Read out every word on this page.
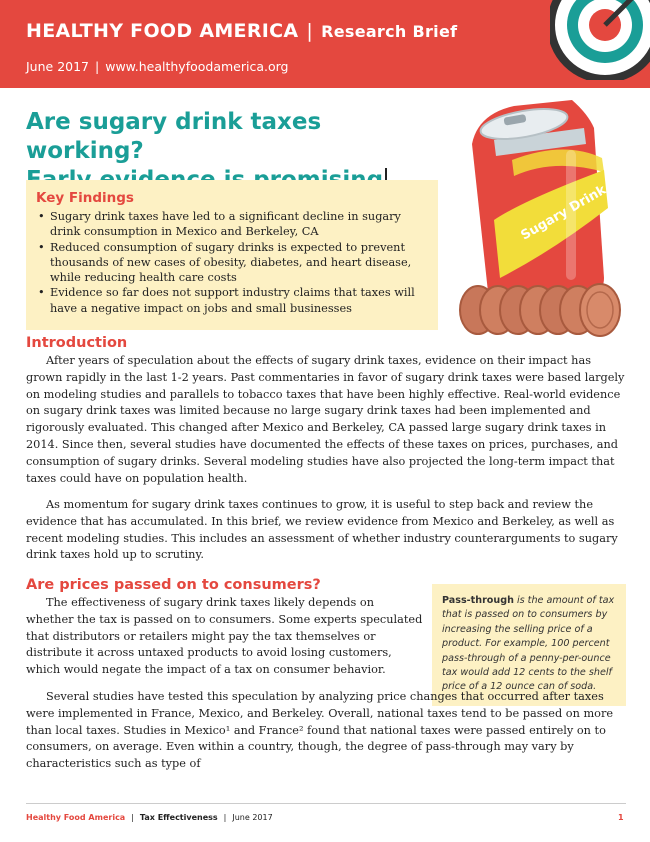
HEALTHY FOOD AMERICA | Research Brief
June 2017 | www.healthyfoodamerica.org
Are sugary drink taxes working?
Key Findings
• Sugary drink taxes have led to a significant decline in sugary drink consumption in Mexico and Berkeley, CA
• Reduced consumption of sugary drinks is expected to prevent thousands of new cases of obesity, diabetes, and heart disease, while reducing health care costs
• Evidence so far does not support industry claims that taxes will have a negative impact on jobs and small businesses
Sugary Drink
Introduction
After years of speculation about the effects of sugary drink taxes, evidence on their impact has grown rapidly in the last 1-2 years. Past commentaries in favor of sugary drink taxes were based largely on modeling studies and parallels to tobacco taxes that have been highly effective. Real-world evidence on sugary drink taxes was limited because no large sugary drink taxes had been implemented and rigorously evaluated. This changed after Mexico and Berkeley, CA passed large sugary drink taxes in 2014. Since then, several studies have documented the effects of these taxes on prices, purchases, and consumption of sugary drinks. Several modeling studies have also projected the long-term impact that taxes could have on population health.
As momentum for sugary drink taxes continues to grow, it is useful to step back and review the evidence that has accumulated. In this brief, we review evidence from Mexico and Berkeley, as well as recent modeling studies. This includes an assessment of whether industry counterarguments to sugary drink taxes hold up to scrutiny.
Are prices passed on to consumers?
The effectiveness of sugary drink taxes likely depends on whether the tax is passed on to consumers. Some experts speculated that distributors or retailers might pay the tax themselves or distribute it across untaxed products to avoid losing customers, which would negate the impact of a tax on consumer behavior.
Pass-through is the amount of tax that is passed on to consumers by increasing the selling price of a product. For example, 100 percent pass-through of a penny-per-ounce tax would add 12 cents to the shelf price of a 12 ounce can of soda.
Several studies have tested this speculation by analyzing price changes that occurred after taxes were implemented in France, Mexico, and Berkeley. Overall, national taxes tend to be passed on more than local taxes. Studies in Mexico¹ and France² found that national taxes were passed entirely on to consumers, on average. Even within a country, though, the degree of pass-through may vary by characteristics such as type of
Healthy Food America | Tax Effectiveness | June 2017	1
